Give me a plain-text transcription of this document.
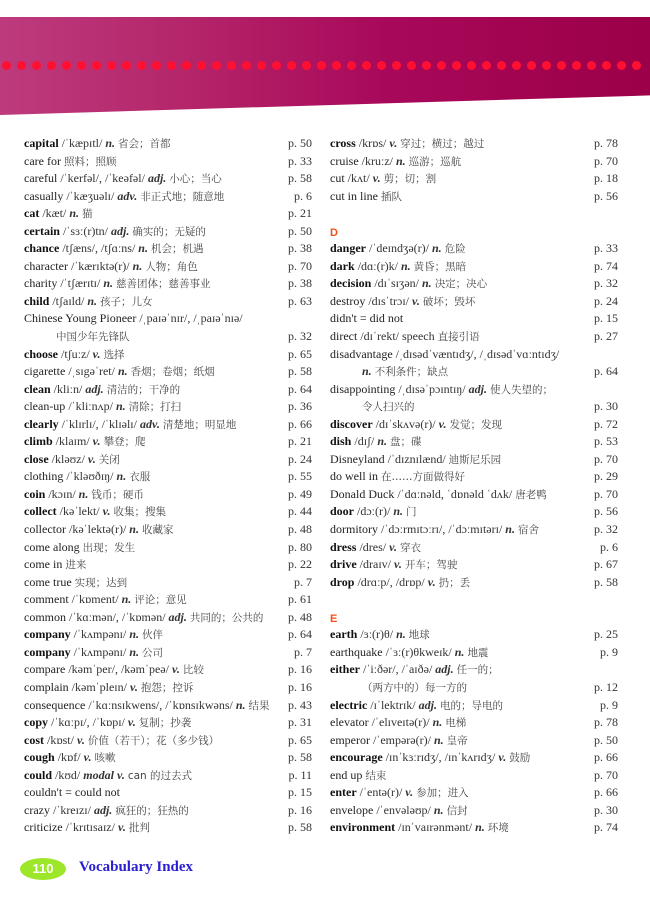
capital /ˈkæpɪtl/ n. 省会；首都	p. 50
care for 照料；照顾	p. 33
careful /ˈkerfəl/, /ˈkeəfəl/ adj. 小心；当心	p. 58
casually /ˈkæʒuəlɪ/ adv. 非正式地；随意地	p. 6
cat /kæt/ n. 猫	p. 21
certain /ˈsɜː(r)tn/ adj. 确实的；无疑的	p. 50
chance /tʃæns/, /tʃɑːns/ n. 机会；机遇	p. 38
character /ˈkærɪktə(r)/ n. 人物；角色	p. 70
charity /ˈtʃærɪtɪ/ n. 慈善团体；慈善事业	p. 38
child /tʃaɪld/ n. 孩子；儿女	p. 63
Chinese Young Pioneer /ˌpaɪəˈnɪr/, /ˌpaɪəˈnɪə/
中国少年先锋队	p. 32
choose /tʃuːz/ v. 选择	p. 65
cigarette /ˌsɪgəˈret/ n. 香烟；卷烟；纸烟	p. 58
clean /kliːn/ adj. 清洁的；干净的	p. 64
clean-up /ˈkliːnʌp/ n. 清除；打扫	p. 36
clearly /ˈklɪrlɪ/, /ˈklɪəlɪ/ adv. 清楚地；明显地	p. 66
climb /klaɪm/ v. 攀登；爬	p. 21
close /kləʊz/ v. 关闭	p. 24
clothing /ˈkləʊðɪŋ/ n. 衣服	p. 55
coin /kɔɪn/ n. 钱币；硬币	p. 49
collect /kəˈlekt/ v. 收集；搜集	p. 44
collector /kəˈlektə(r)/ n. 收藏家	p. 48
come along 出现；发生	p. 80
come in 进来	p. 22
come true 实现；达到	p. 7
comment /ˈkɒment/ n. 评论；意见	p. 61
common /ˈkɑːmən/, /ˈkɒmən/ adj. 共同的；公共的 p. 48
company /ˈkʌmpənɪ/ n. 伙伴	p. 64
company /ˈkʌmpənɪ/ n. 公司	p. 7
compare /kəmˈper/, /kəmˈpeə/ v. 比较	p. 16
complain /kəmˈpleɪn/ v. 抱怨；控诉	p. 16
consequence /ˈkɑːnsɪkwens/, /ˈkɒnsɪkwəns/ n. 结果 p. 43
copy /ˈkɑːpɪ/, /ˈkɒpɪ/ v. 复制；抄袭	p. 31
cost /kɒst/ v. 价值（若干）；花（多少钱）	p. 65
cough /kɒf/ v. 咳嗽	p. 58
could /kʊd/ modal v. can 的过去式	p. 11
couldn't = could not	p. 15
crazy /ˈkreɪzɪ/ adj. 疯狂的；狂热的	p. 16
criticize /ˈkrɪtɪsaɪz/ v. 批判	p. 58
cross /krɒs/ v. 穿过；横过；越过	p. 78
cruise /kruːz/ n. 巡游；巡航	p. 70
cut /kʌt/ v. 剪；切；割	p. 18
cut in line 插队	p. 56
D
danger /ˈdeɪndʒə(r)/ n. 危险	p. 33
dark /dɑː(r)k/ n. 黄昏；黑暗	p. 74
decision /dɪˈsɪʒən/ n. 决定；决心	p. 32
destroy /dɪsˈtrɔɪ/ v. 破坏；毁坏	p. 24
didn't = did not	p. 15
direct /dɪˈrekt/ speech 直接引语	p. 27
disadvantage /ˌdɪsədˈvæntɪdʒ/, /ˌdɪsədˈvɑːntɪdʒ/
n. 不利条件；缺点	p. 64
disappointing /ˌdɪsəˈpɔɪntɪŋ/ adj. 使人失望的；
令人扫兴的	p. 30
discover /dɪˈskʌvə(r)/ v. 发觉；发现	p. 72
dish /dɪʃ/ n. 盘；碟	p. 53
Disneyland /ˈdɪznɪlænd/ 迪斯尼乐园	p. 70
do well in 在……方面做得好	p. 29
Donald Duck /ˈdɑːnəld, ˈdɒnəld ˈdʌk/ 唐老鸭	p. 70
door /dɔː(r)/ n. 门	p. 56
dormitory /ˈdɔːrmɪtɔːrɪ/, /ˈdɔːmɪtərɪ/ n. 宿舍	p. 32
dress /dres/ v. 穿衣	p. 6
drive /draɪv/ v. 开车；驾驶	p. 67
drop /drɑːp/, /drɒp/ v. 扔；丢	p. 58
E
earth /ɜː(r)θ/ n. 地球	p. 25
earthquake /ˈɜː(r)θkweɪk/ n. 地震	p. 9
either /ˈiːðər/, /ˈaɪðə/ adj. 任一的；
（两方中的）每一方的	p. 12
electric /ɪˈlektrɪk/ adj. 电的；导电的	p. 9
elevator /ˈelɪveɪtə(r)/ n. 电梯	p. 78
emperor /ˈempərə(r)/ n. 皇帝	p. 50
encourage /ɪnˈkɜːrɪdʒ/, /ɪnˈkʌrɪdʒ/ v. 鼓励	p. 66
end up 结束	p. 70
enter /ˈentə(r)/ v. 参加；进入	p. 66
envelope /ˈenvələʊp/ n. 信封	p. 30
environment /ɪnˈvaɪrənmənt/ n. 环境	p. 74
110	Vocabulary Index
